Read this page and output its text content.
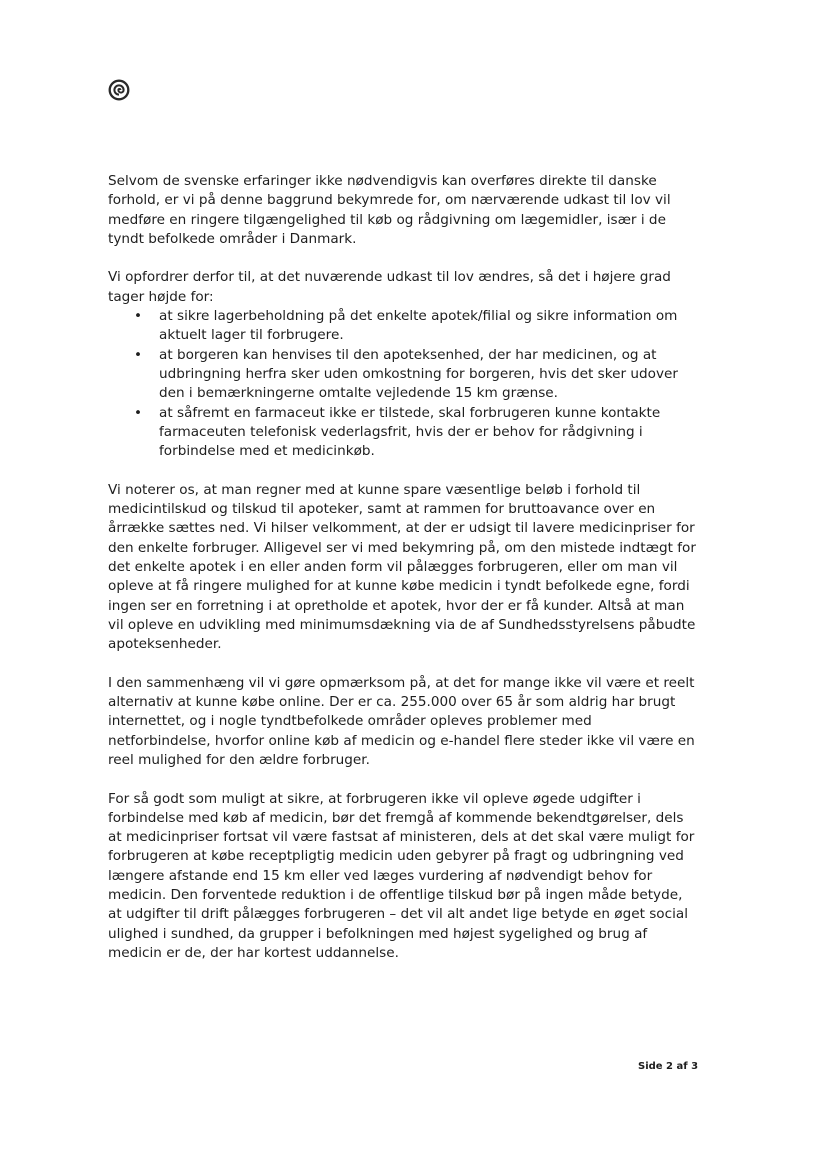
Selvom de svenske erfaringer ikke nødvendigvis kan overføres direkte til danske forhold, er vi på denne baggrund bekymrede for, om nærværende udkast til lov vil medføre en ringere tilgængelighed til køb og rådgivning om lægemidler, især i de tyndt befolkede områder i Danmark.

Vi opfordrer derfor til, at det nuværende udkast til lov ændres, så det i højere grad tager højde for:

• at sikre lagerbeholdning på det enkelte apotek/filial og sikre information om aktuelt lager til forbrugere.
• at borgeren kan henvises til den apoteksenhed, der har medicinen, og at udbringning herfra sker uden omkostning for borgeren, hvis det sker udover den i bemærkningerne omtalte vejledende 15 km grænse.
• at såfremt en farmaceut ikke er tilstede, skal forbrugeren kunne kontakte farmaceuten telefonisk vederlagsfrit, hvis der er behov for rådgivning i forbindelse med et medicinkøb.

Vi noterer os, at man regner med at kunne spare væsentlige beløb i forhold til medicintilskud og tilskud til apoteker, samt at rammen for bruttoavance over en årrække sættes ned. Vi hilser velkomment, at der er udsigt til lavere medicinpriser for den enkelte forbruger. Alligevel ser vi med bekymring på, om den mistede indtægt for det enkelte apotek i en eller anden form vil pålægges forbrugeren, eller om man vil opleve at få ringere mulighed for at kunne købe medicin i tyndt befolkede egne, fordi ingen ser en forretning i at opretholde et apotek, hvor der er få kunder. Altså at man vil opleve en udvikling med minimumsdækning via de af Sundhedsstyrelsens påbudte apoteksenheder.

I den sammenhæng vil vi gøre opmærksom på, at det for mange ikke vil være et reelt alternativ at kunne købe online. Der er ca. 255.000 over 65 år som aldrig har brugt internettet, og i nogle tyndtbefolkede områder opleves problemer med netforbindelse, hvorfor online køb af medicin og e-handel flere steder ikke vil være en reel mulighed for den ældre forbruger.

For så godt som muligt at sikre, at forbrugeren ikke vil opleve øgede udgifter i forbindelse med køb af medicin, bør det fremgå af kommende bekendtgørelser, dels at medicinpriser fortsat vil være fastsat af ministeren, dels at det skal være muligt for forbrugeren at købe receptpligtig medicin uden gebyrer på fragt og udbringning ved længere afstande end 15 km eller ved læges vurdering af nødvendigt behov for medicin. Den forventede reduktion i de offentlige tilskud bør på ingen måde betyde, at udgifter til drift pålægges forbrugeren – det vil alt andet lige betyde en øget social ulighed i sundhed, da grupper i befolkningen med højest sygelighed og brug af medicin er de, der har kortest uddannelse.

Side 2 af 3
